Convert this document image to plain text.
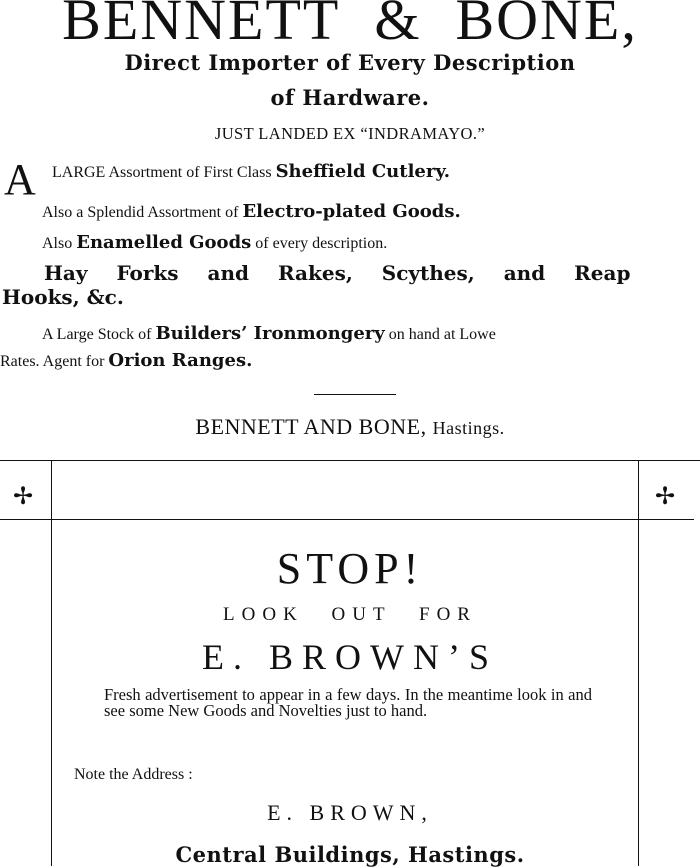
BENNETT & BONE,
Direct Importer of Every Description
of Hardware.
JUST LANDED EX “INDRAMAYO.”
A LARGE Assortment of First Class Sheffield Cutlery.
Also a Splendid Assortment of Electro-plated Goods.
Also Enamelled Goods of every description.
Hay Forks and Rakes, Scythes, and Reap
Hooks, &c.
A Large Stock of Builders’ Ironmongery on hand at Lowe
Rates. Agent for Orion Ranges.
BENNETT AND BONE, Hastings.
✢	✢
STOP!
LOOK OUT FOR
E. BROWN’S
Fresh advertisement to appear in a few days. In the meantime look in and see some New Goods and Novelties just to hand.
Note the Address :
E. BROWN,
Central Buildings, Hastings.
